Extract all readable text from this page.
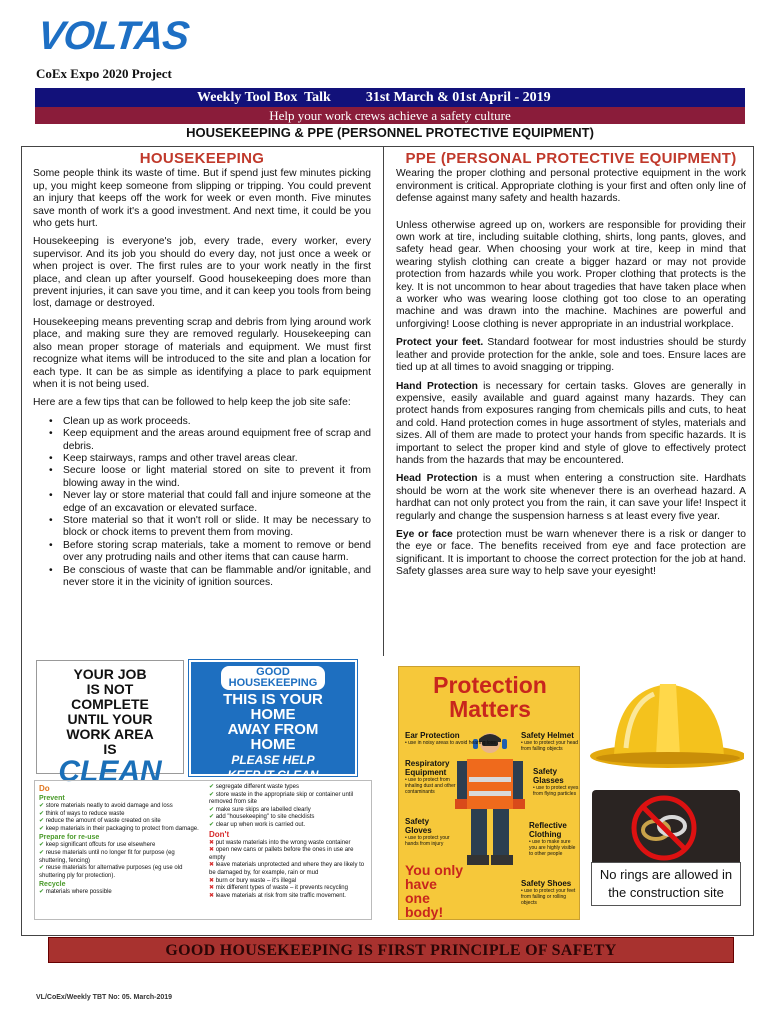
VOLTAS
CoEx Expo 2020 Project
Weekly Tool Box  Talk          31st March & 01st April - 2019
Help your work crews achieve a safety culture
HOUSEKEEPING & PPE (PERSONNEL PROTECTIVE EQUIPMENT)
HOUSEKEEPING

Some people think its waste of time. But if spend just few minutes picking up, you might keep someone from slipping or tripping. You could prevent an injury that keeps off the work for week or even month. Five minutes save month of work it's a good investment. And next time, it could be you who gets hurt.

Housekeeping is everyone's job, every trade, every worker, every supervisor. And its job you should do every day, not just once a week or when project is over. The first rules are to your work neatly in the first place, and clean up after yourself. Good housekeeping does more than prevent injuries, it can save you time, and it can keep you tools from being lost, damage or destroyed.

Housekeeping means preventing scrap and debris from lying around work place, and making sure they are removed regularly. Housekeeping can also mean proper storage of materials and equipment. We must first recognize what items will be introduced to the site and plan a location for each type. It can be as simple as identifying a place to park equipment when it is not being used.

Here are a few tips that can be followed to help keep the job site safe:

• Clean up as work proceeds.
• Keep equipment and the areas around equipment free of scrap and debris.
• Keep stairways, ramps and other travel areas clear.
• Secure loose or light material stored on site to prevent it from blowing away in the wind.
• Never lay or store material that could fall and injure someone at the edge of an excavation or elevated surface.
• Store material so that it won't roll or slide. It may be necessary to block or chock items to prevent them from moving.
• Before storing scrap materials, take a moment to remove or bend over any protruding nails and other items that can cause harm.
• Be conscious of waste that can be flammable and/or ignitable, and never store it in the vicinity of ignition sources.
PPE (PERSONAL PROTECTIVE EQUIPMENT)

Wearing the proper clothing and personal protective equipment in the work environment is critical. Appropriate clothing is your first and often only line of defense against many safety and health hazards.

Unless otherwise agreed up on, workers are responsible for providing their own work at tire, including suitable clothing, shirts, long pants, gloves, and safety head gear. When choosing your work at tire, keep in mind that wearing stylish clothing can create a bigger hazard or may not provide protection from hazards while you work. Proper clothing that protects is the key. It is not uncommon to hear about tragedies that have taken place when a worker who was wearing loose clothing got too close to an operating machine and was drawn into the machine. Machines are powerful and unforgiving! Loose clothing is never appropriate in an industrial workplace.

Protect your feet. Standard footwear for most industries should be sturdy leather and provide protection for the ankle, sole and toes. Ensure laces are tied up at all times to avoid snagging or tripping.

Hand Protection is necessary for certain tasks. Gloves are generally in expensive, easily available and guard against many hazards. They can protect hands from exposures ranging from chemicals pills and cuts, to heat and cold. Hand protection comes in huge assortment of styles, materials and sizes. All of them are made to protect your hands from specific hazards. It is important to select the proper kind and style of glove to effectively protect hands from the hazards that may be encountered.

Head Protection is a must when entering a construction site. Hardhats should be worn at the work site whenever there is an overhead hazard. A hardhat can not only protect you from the rain, it can save your life! Inspect it regularly and change the suspension harness s at least every five year.

Eye or face protection must be warn whenever there is a risk or danger to the eye or face. The benefits received from eye and face protection are significant. It is important to choose the correct protection for the job at hand. Safety glasses area sure way to help save your eyesight!

YOUR JOB
IS NOT
COMPLETE
UNTIL YOUR
WORK AREA
IS
CLEAN
GOOD
HOUSEKEEPING
THIS IS YOUR
HOME
AWAY FROM
HOME
PLEASE HELP
KEEP IT CLEAN
Do
Prevent
✔ store materials neatly to avoid damage and loss
✔ think of ways to reduce waste
✔ reduce the amount of waste created on site
✔ keep materials in their packaging to protect from damage.
Prepare for re-use
✔ keep significant offcuts for use elsewhere
✔ reuse materials until no longer fit for purpose (eg shuttering, fencing)
✔ reuse materials for alternative purposes (eg use old shuttering ply for protection).
Recycle
✔ materials where possible
✔ segregate different waste types
✔ store waste in the appropriate skip or container until removed from site
✔ make sure skips are labelled clearly
✔ add "housekeeping" to site checklists
✔ clear up when work is carried out.
Don't
✖ put waste materials into the wrong waste container
✖ open new cans or pallets before the ones in use are empty
✖ leave materials unprotected and where they are likely to be damaged by, for example, rain or mud
✖ burn or bury waste – it's illegal
✖ mix different types of waste – it prevents recycling
✖ leave materials at risk from site traffic movement.
Protection
Matters
Ear Protection
• use in noisy areas to avoid hearing loss
Safety Helmet
• use to protect your head from falling objects
Respiratory Equipment
• use to protect from inhaling dust and other contaminants
Safety Glasses
• use to protect eyes from flying particles
Safety Gloves
• use to protect your hands from injury
Reflective Clothing
• use to make sure you are highly visible to other people
Safety Shoes
• use to protect your feet from falling or rolling objects
You only have one body!
No rings are allowed in the construction site
GOOD HOUSEKEEPING IS FIRST PRINCIPLE OF SAFETY
VL/CoEx/Weekly TBT No: 05. March-2019
